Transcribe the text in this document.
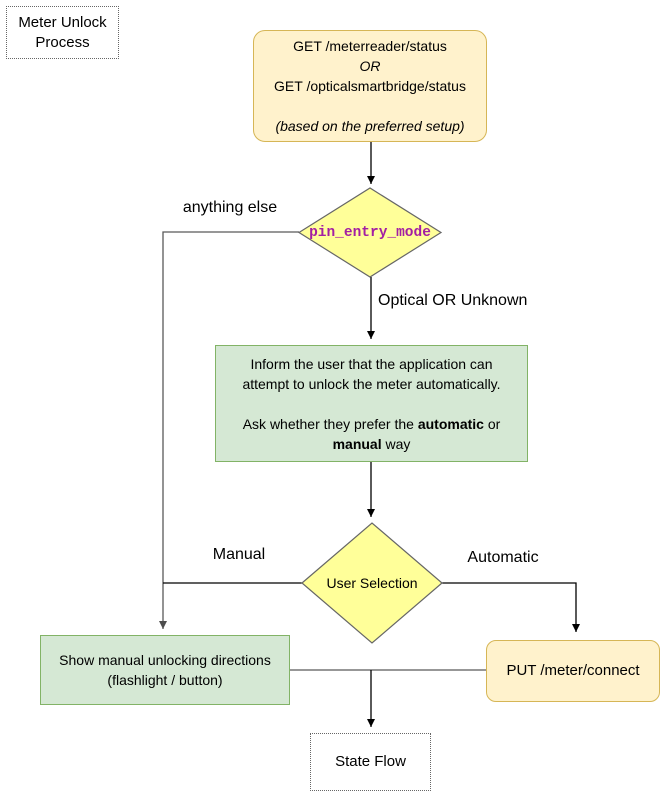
Meter Unlock
Process	GET /meterreader/status
OR
GET /opticalsmartbridge/status

(based on the preferred setup)
pin_entry_mode
anything else
Optical OR Unknown
Inform the user that the application can
attempt to unlock the meter automatically.

Ask whether they prefer the automatic or
manual way
User Selection
Manual	Automatic
Show manual unlocking directions
(flashlight / button)
PUT /meter/connect
State Flow
